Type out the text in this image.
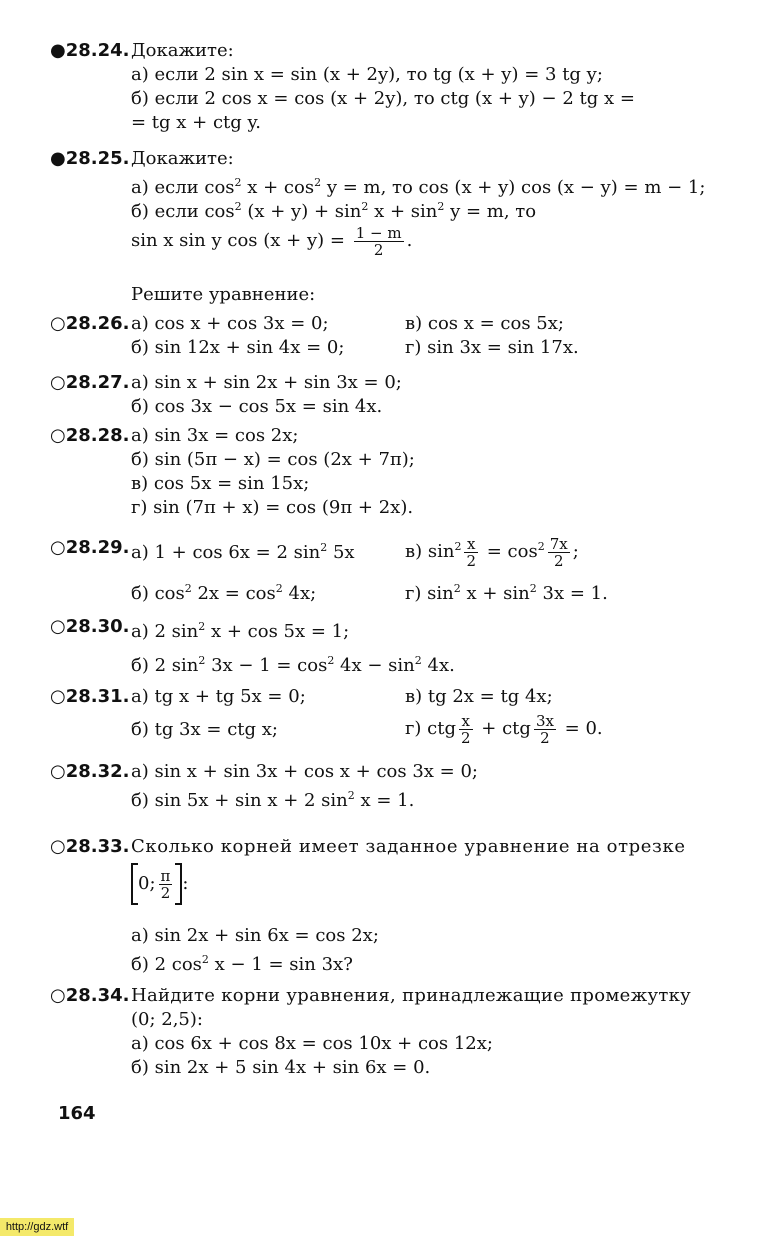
●28.24. Докажите:
а) если 2 sin x = sin (x + 2y), то tg (x + y) = 3 tg y;
б) если 2 cos x = cos (x + 2y), то ctg (x + y) − 2 tg x =
= tg x + ctg y.
●28.25. Докажите:
а) если $\cos^2 x + \cos^2 y = m$, то cos (x + y) cos (x − y) = m − 1;
б) если $\cos^2 (x + y) + \sin^2 x + \sin^2 y = m$, то
sin x sin y $\cos (x + y) = \frac{1 - m}{2}$ .
Решите уравнение:
○28.26. а) cos x + cos 3x = 0;	в) cos x = cos 5x;
б) sin 12x + sin 4x = 0;	г) sin 3x = sin 17x.
○28.27. а) sin x + sin 2x + sin 3x = 0;
б) cos 3x − cos 5x = sin 4x.
○28.28. а) sin 3x = cos 2x;
б) sin (5π − x) = cos (2x + 7π);
в) cos 5x = sin 15x;
г) sin (7π + x) = cos (9π + 2x).
○28.29. а) 1 + cos 6x = 2 $\sin^2 5x$	в) $\sin^2 \frac{x}{2} = \cos^2 \frac{7x}{2}$ ;
б) $\cos^2 2x = \cos^2 4x$;	г) $\sin^2 x + \sin^2 3x = 1$.
○28.30. а) 2 $\sin^2 x + \cos 5x = 1$;
б) 2 $\sin^2 3x - 1 = \cos^2 4x - \sin^2 4x$.
○28.31. а) tg x + tg 5x = 0;	в) tg 2x = tg 4x;
б) tg 3x = ctg x;	г) ctg $\frac{x}{2}$ + ctg $\frac{3x}{2} = 0$.
○28.32. а) sin x + sin 3x + cos x + cos 3x = 0;
б) sin 5x + sin x + 2 $\sin^2 x = 1$.
○28.33. Сколько корней имеет заданное уравнение на отрезке
0; $\frac{\pi}{2}$ :
а) sin 2x + sin 6x = cos 2x;
б) 2 $\cos^2 x - 1 = \sin 3x$?
○28.34. Найдите корни уравнения, принадлежащие промежутку
(0; 2,5):
а) cos 6x + cos 8x = cos 10x + cos 12x;
б) sin 2x + 5 sin 4x + sin 6x = 0.
164
http://gdz.wtf
